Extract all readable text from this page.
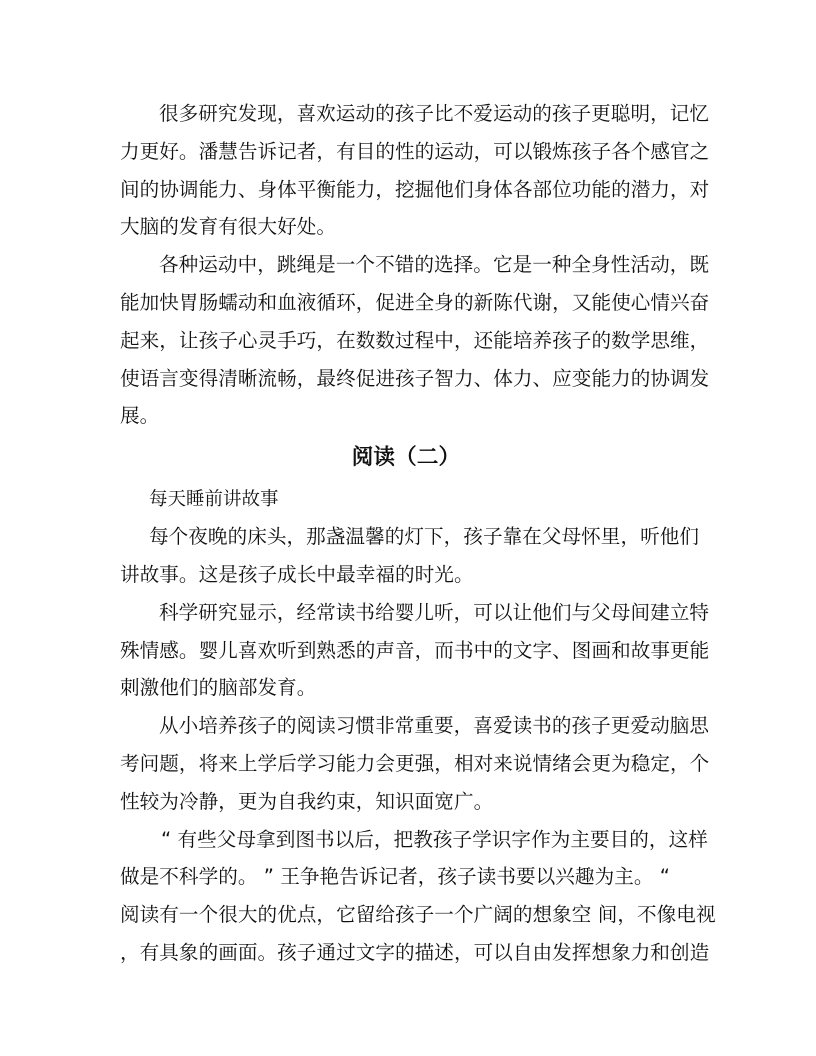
很多研究发现，喜欢运动的孩子比不爱运动的孩子更聪明，记忆
力更好。潘慧告诉记者，有目的性的运动，可以锻炼孩子各个感官之
间的协调能力、身体平衡能力，挖掘他们身体各部位功能的潜力，对
大脑的发育有很大好处。

各种运动中，跳绳是一个不错的选择。它是一种全身性活动，既
能加快胃肠蠕动和血液循环，促进全身的新陈代谢，又能使心情兴奋
起来，让孩子心灵手巧，在数数过程中，还能培养孩子的数学思维，
使语言变得清晰流畅，最终促进孩子智力、体力、应变能力的协调发
展。

阅读（二）

每天睡前讲故事

每个夜晚的床头，那盏温馨的灯下，孩子靠在父母怀里，听他们
讲故事。这是孩子成长中最幸福的时光。

科学研究显示，经常读书给婴儿听，可以让他们与父母间建立特
殊情感。婴儿喜欢听到熟悉的声音，而书中的文字、图画和故事更能
刺激他们的脑部发育。

从小培养孩子的阅读习惯非常重要，喜爱读书的孩子更爱动脑思
考问题，将来上学后学习能力会更强，相对来说情绪会更为稳定，个
性较为冷静，更为自我约束，知识面宽广。

“ 有些父母拿到图书以后，把教孩子学识字作为主要目的，这样
做是不科学的。 ” 王争艳告诉记者，孩子读书要以兴趣为主。 “
阅读有一个很大的优点，它留给孩子一个广阔的想象空 间，不像电视
，有具象的画面。孩子通过文字的描述，可以自由发挥想象力和创造
